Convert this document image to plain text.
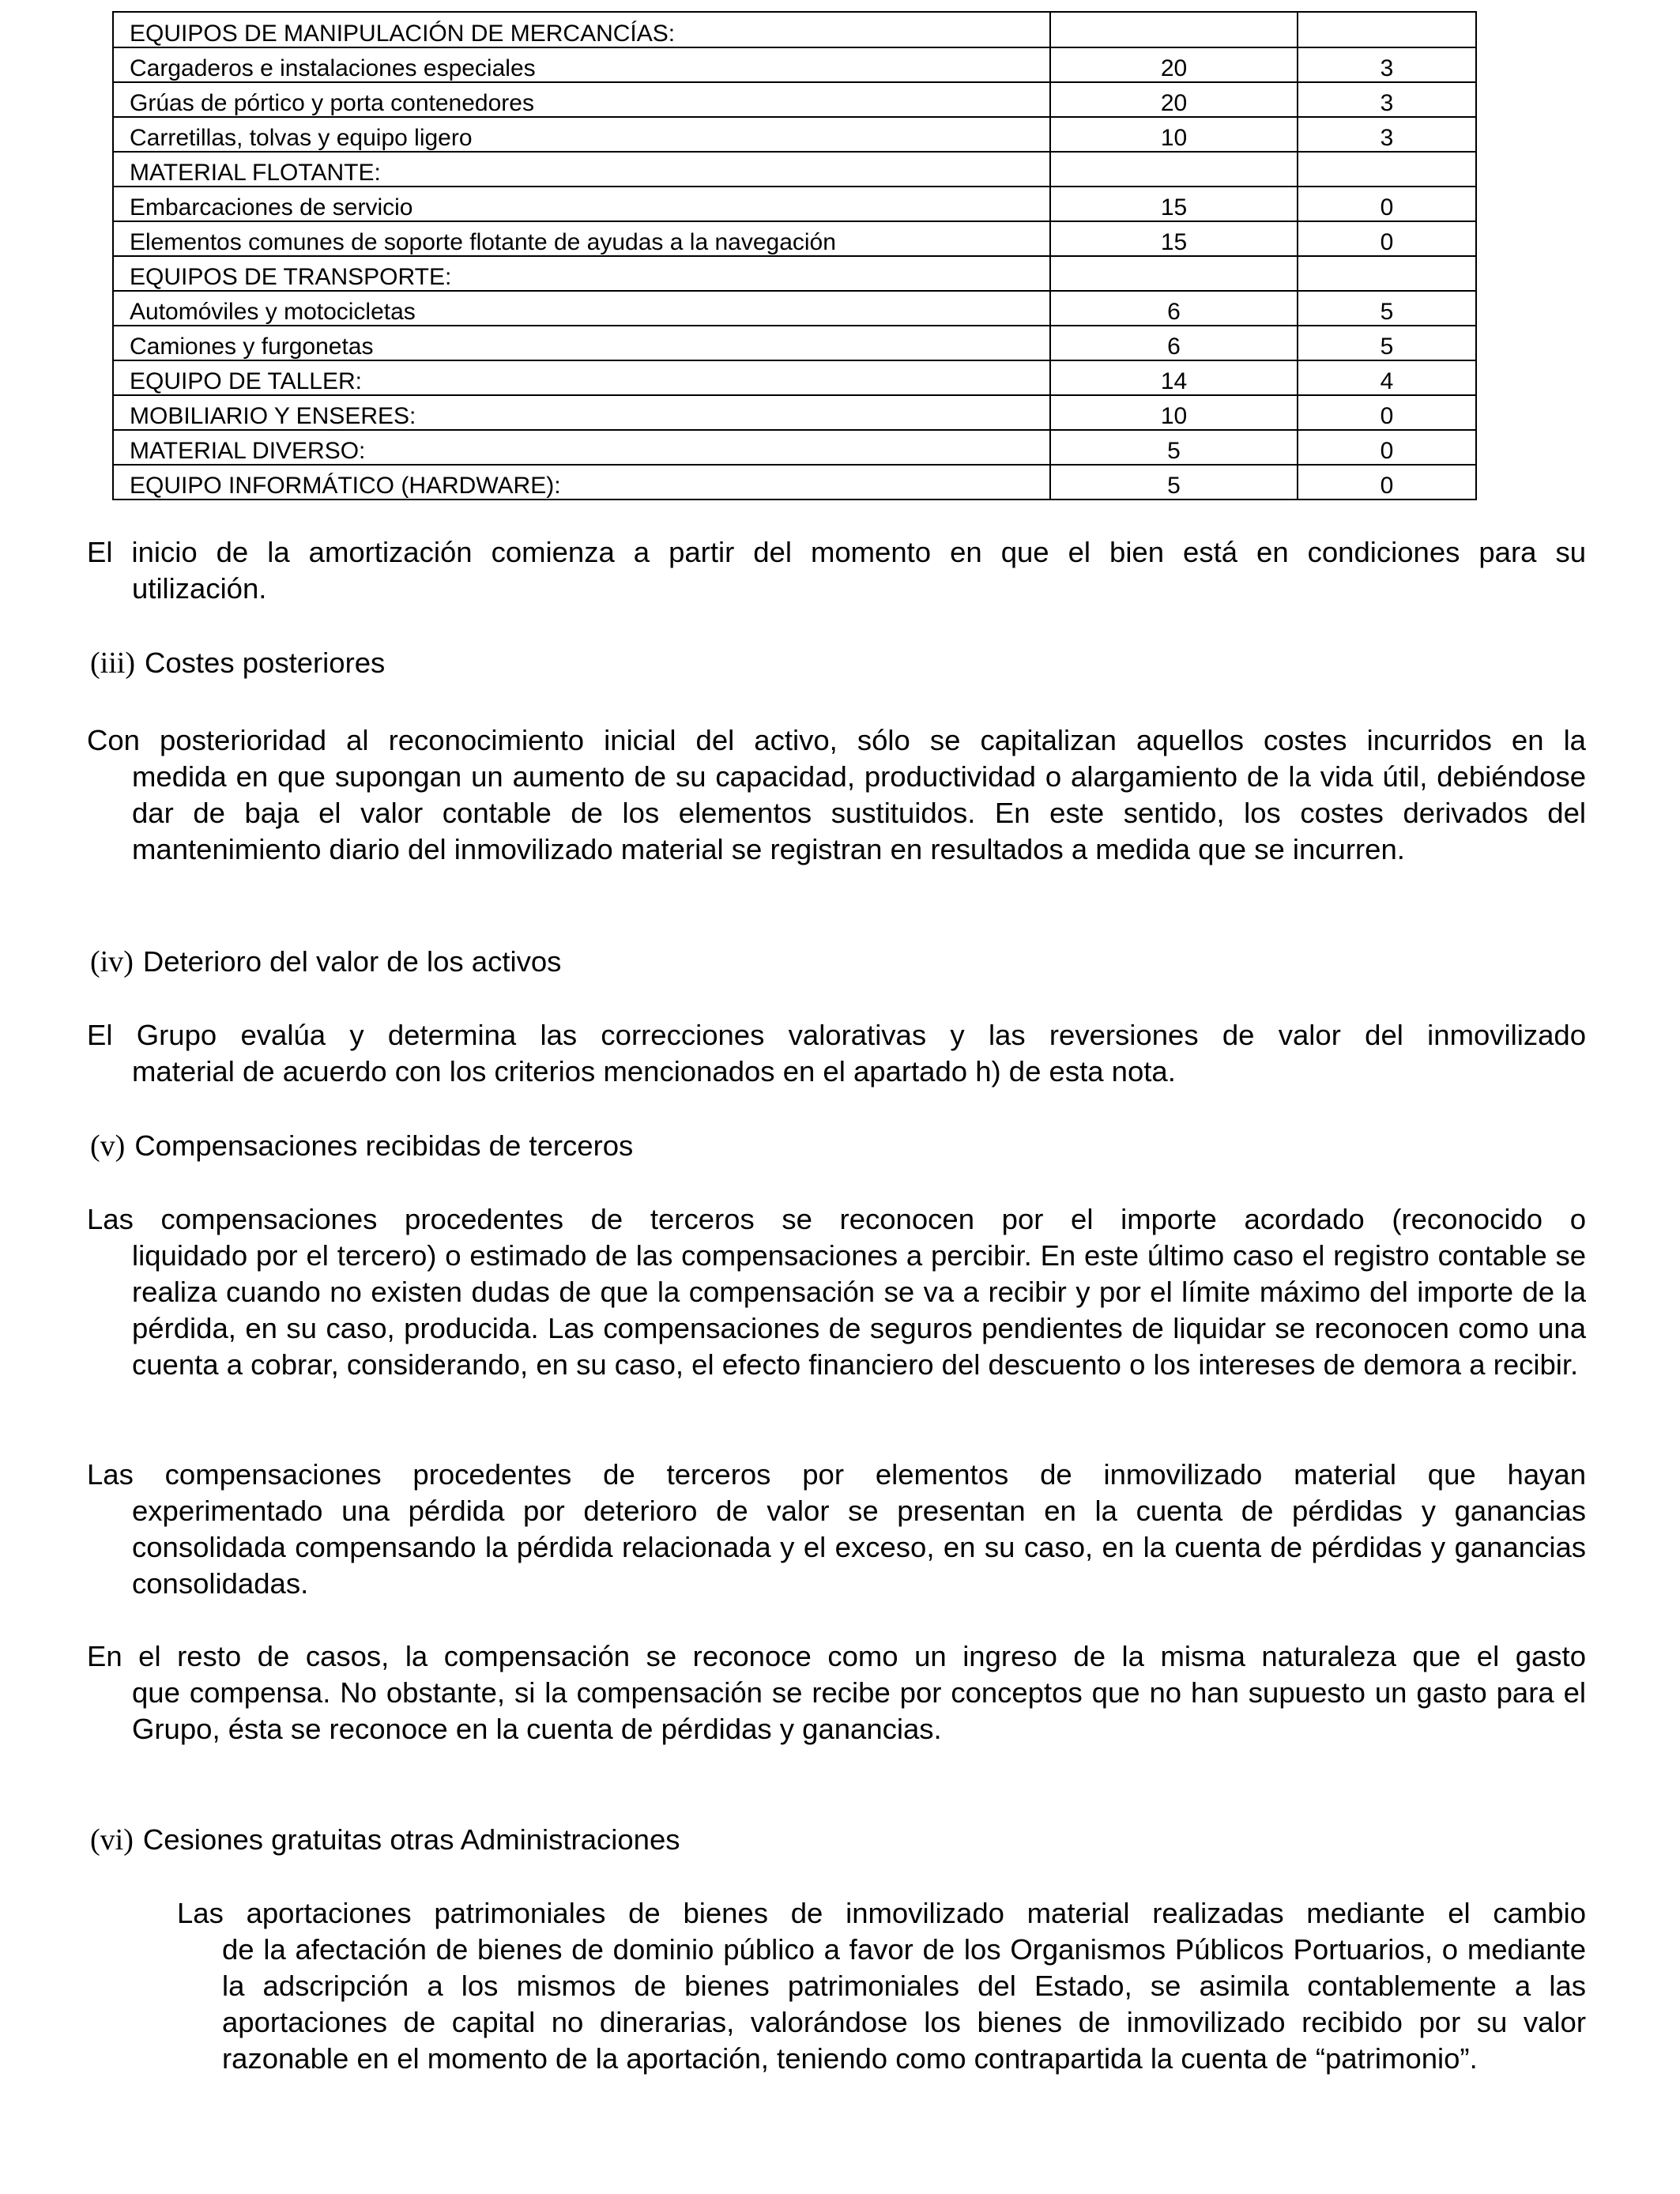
EQUIPOS DE MANIPULACIÓN DE MERCANCÍAS:		
Cargaderos e instalaciones especiales	20	3
Grúas de pórtico y porta contenedores	20	3
Carretillas, tolvas y equipo ligero	10	3
MATERIAL FLOTANTE:		
Embarcaciones de servicio	15	0
Elementos comunes de soporte flotante de ayudas a la navegación	15	0
EQUIPOS DE TRANSPORTE:		
Automóviles y motocicletas	6	5
Camiones y furgonetas	6	5
EQUIPO DE TALLER:	14	4
MOBILIARIO Y ENSERES:	10	0
MATERIAL DIVERSO:	5	0
EQUIPO INFORMÁTICO (HARDWARE):	5	0
El inicio de la amortización comienza a partir del momento en que el bien está en condiciones para su
utilización.
(iii) Costes posteriores
Con posterioridad al reconocimiento inicial del activo, sólo se capitalizan aquellos costes incurridos en la
medida en que supongan un aumento de su capacidad, productividad o alargamiento de la vida útil, debiéndose dar de baja el valor contable de los elementos sustituidos. En este sentido, los costes derivados del mantenimiento diario del inmovilizado material se registran en resultados a medida que se incurren.
(iv) Deterioro del valor de los activos
El Grupo evalúa y determina las correcciones valorativas y las reversiones de valor del inmovilizado
material de acuerdo con los criterios mencionados en el apartado h) de esta nota.
(v) Compensaciones recibidas de terceros
Las compensaciones procedentes de terceros se reconocen por el importe acordado (reconocido o
liquidado por el tercero) o estimado de las compensaciones a percibir. En este último caso el registro contable se realiza cuando no existen dudas de que la compensación se va a recibir y por el límite máximo del importe de la pérdida, en su caso, producida. Las compensaciones de seguros pendientes de liquidar se reconocen como una cuenta a cobrar, considerando, en su caso, el efecto financiero del descuento o los intereses de demora a recibir.
Las compensaciones procedentes de terceros por elementos de inmovilizado material que hayan
experimentado una pérdida por deterioro de valor se presentan en la cuenta de pérdidas y ganancias consolidada compensando la pérdida relacionada y el exceso, en su caso, en la cuenta de pérdidas y ganancias consolidadas.
En el resto de casos, la compensación se reconoce como un ingreso de la misma naturaleza que el gasto
que compensa. No obstante, si la compensación se recibe por conceptos que no han supuesto un gasto para el Grupo, ésta se reconoce en la cuenta de pérdidas y ganancias.
(vi) Cesiones gratuitas otras Administraciones
Las aportaciones patrimoniales de bienes de inmovilizado material realizadas mediante el cambio
de la afectación de bienes de dominio público a favor de los Organismos Públicos Portuarios, o mediante la adscripción a los mismos de bienes patrimoniales del Estado, se asimila contablemente a las aportaciones de capital no dinerarias, valorándose los bienes de inmovilizado recibido por su valor razonable en el momento de la aportación, teniendo como contrapartida la cuenta de “patrimonio”.
